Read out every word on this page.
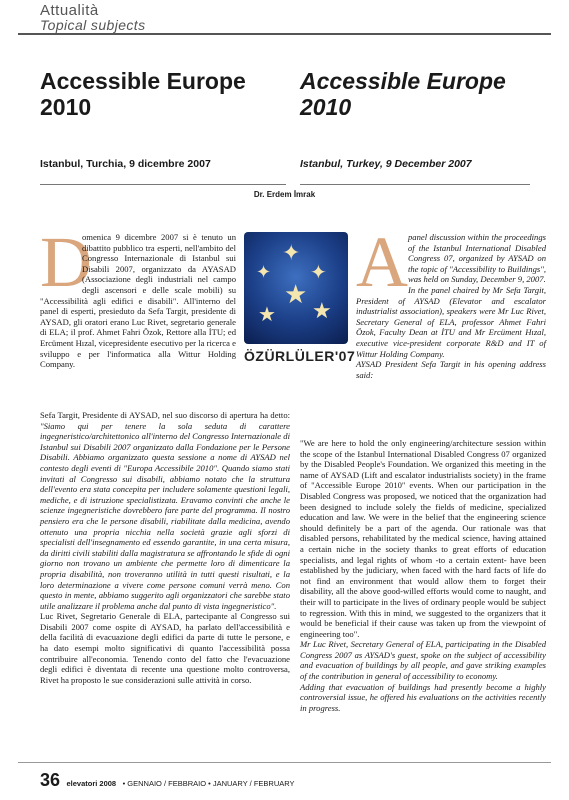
Attualità
Topical subjects
Accessible Europe 2010
Accessible Europe 2010
Istanbul, Turchia, 9 dicembre 2007	Istanbul, Turkey, 9 December 2007
Dr. Erdem İmrak
✦
✦ ✦
★
★ ★
ÖZÜRLÜLER'07
D
omenica 9 dicembre 2007 si è tenuto un dibattito pubblico tra esperti, nell'ambito del Congresso Internazionale di Istanbul sui Disabili 2007, organizzato da AYASAD (Associazione degli industriali nel campo degli ascensori e delle scale mobili) su "Accessibilità agli edifici e disabili". All'interno del panel di esperti, presieduto da Sefa Targit, presidente di AYSAD, gli oratori erano Luc Rivet, segretario generale di ELA; il prof. Ahmet Fahri Özok, Rettore alla İTU; ed Ercüment Hızal, vicepresidente esecutivo per la ricerca e sviluppo e per l'informatica alla Wittur Holding Company.

Sefa Targit, Presidente di AYSAD, nel suo discorso di apertura ha detto: "Siamo qui per tenere la sola seduta di carattere ingegneristico/architettonico all'interno del Congresso Internazionale di Istanbul sui Disabili 2007 organizzato dalla Fondazione per le Persone Disabili. Abbiamo organizzato questa sessione a nome di AYSAD nel contesto degli eventi di "Europa Accessibile 2010". Quando siamo stati invitati al Congresso sui disabili, abbiamo notato che la struttura dell'evento era stata concepita per includere solamente questioni legali, mediche, e di istruzione specialistizata. Eravamo convinti che anche le scienze ingegneristiche dovrebbero fare parte del programma. Il nostro pensiero era che le persone disabili, riabilitate dalla medicina, avendo ottenuto una propria nicchia nella società grazie agli sforzi di specialisti dell'insegnamento ed essendo garantite, in una certa misura, da diritti civili stabiliti dalla magistratura se affrontando le sfide di ogni giorno non trovano un ambiente che permette loro di dimenticare la propria disabilità, non troveranno utilità in tutti questi risultati, e la loro determinazione a vivere come persone comuni verrà meno. Con questo in mente, abbiamo suggerito agli organizzatori che sarebbe stato utile analizzare il problema anche dal punto di vista ingegneristico".

Luc Rivet, Segretario Generale di ELA, partecipante al Congresso sui Disabili 2007 come ospite di AYSAD, ha parlato dell'accessibilità e della facilità di evacuazione degli edifici da parte di tutte le persone, e ha dato esempi molto significativi di quanto l'accessibilità possa contribuire all'economia. Tenendo conto del fatto che l'evacuazione degli edifici è diventata di recente una questione molto controversa, Rivet ha proposto le sue considerazioni sulle attività in corso.

A panel discussion within the proceedings of the Istanbul International Disabled Congress 07, organized by AYSAD on the topic of "Accessibility to Buildings", was held on Sunday, December 9, 2007.

In the panel chaired by Mr Sefa Targit, President of AYSAD (Elevator and escalator industrialist association), speakers were Mr Luc Rivet, Secretary General of ELA, professor Ahmet Fahri Özok, Faculty Dean at İTU and Mr Ercüment Hızal, executive vice-president corporate R&D and IT of Wittur Holding Company.

AYSAD President Sefa Targit in his opening address said:

"We are here to hold the only engineering/architecture session within the scope of the Istanbul International Disabled Congress 07 organized by the Disabled People's Foundation. We organized this meeting in the name of AYSAD (Lift and escalator industrialists society) in the frame of "Accessible Europe 2010" events. When our participation in the Disabled Congress was proposed, we noticed that the organization had been designed to include solely the fields of medicine, specialized education and law. We were in the belief that the engineering science should definitely be a part of the agenda. Our rationale was that disabled persons, rehabilitated by the medical science, having attained a certain niche in the society thanks to great efforts of education specialists, and legal rights of whom -to a certain extent- have been established by the judiciary, when faced with the hard facts of life do not find an environment that would allow them to forget their disability, all the above good-willed efforts would come to naught, and their will to participate in the lives of ordinary people would be subject to regression. With this in mind, we suggested to the organizers that it would be beneficial if their cause was taken up from the viewpoint of engineering too".

Mr Luc Rivet, Secretary General of ELA, participating in the Disabled Congress 2007 as AYSAD's guest, spoke on the subject of accessibility and evacuation of buildings by all people, and gave striking examples of the contribution in general of accessibility to economy.

Adding that evacuation of buildings had presently become a highly controversial issue, he offered his evaluations on the activities recently in progress.

36 elevatori 2008 • GENNAIO / FEBBRAIO • JANUARY / FEBRUARY
